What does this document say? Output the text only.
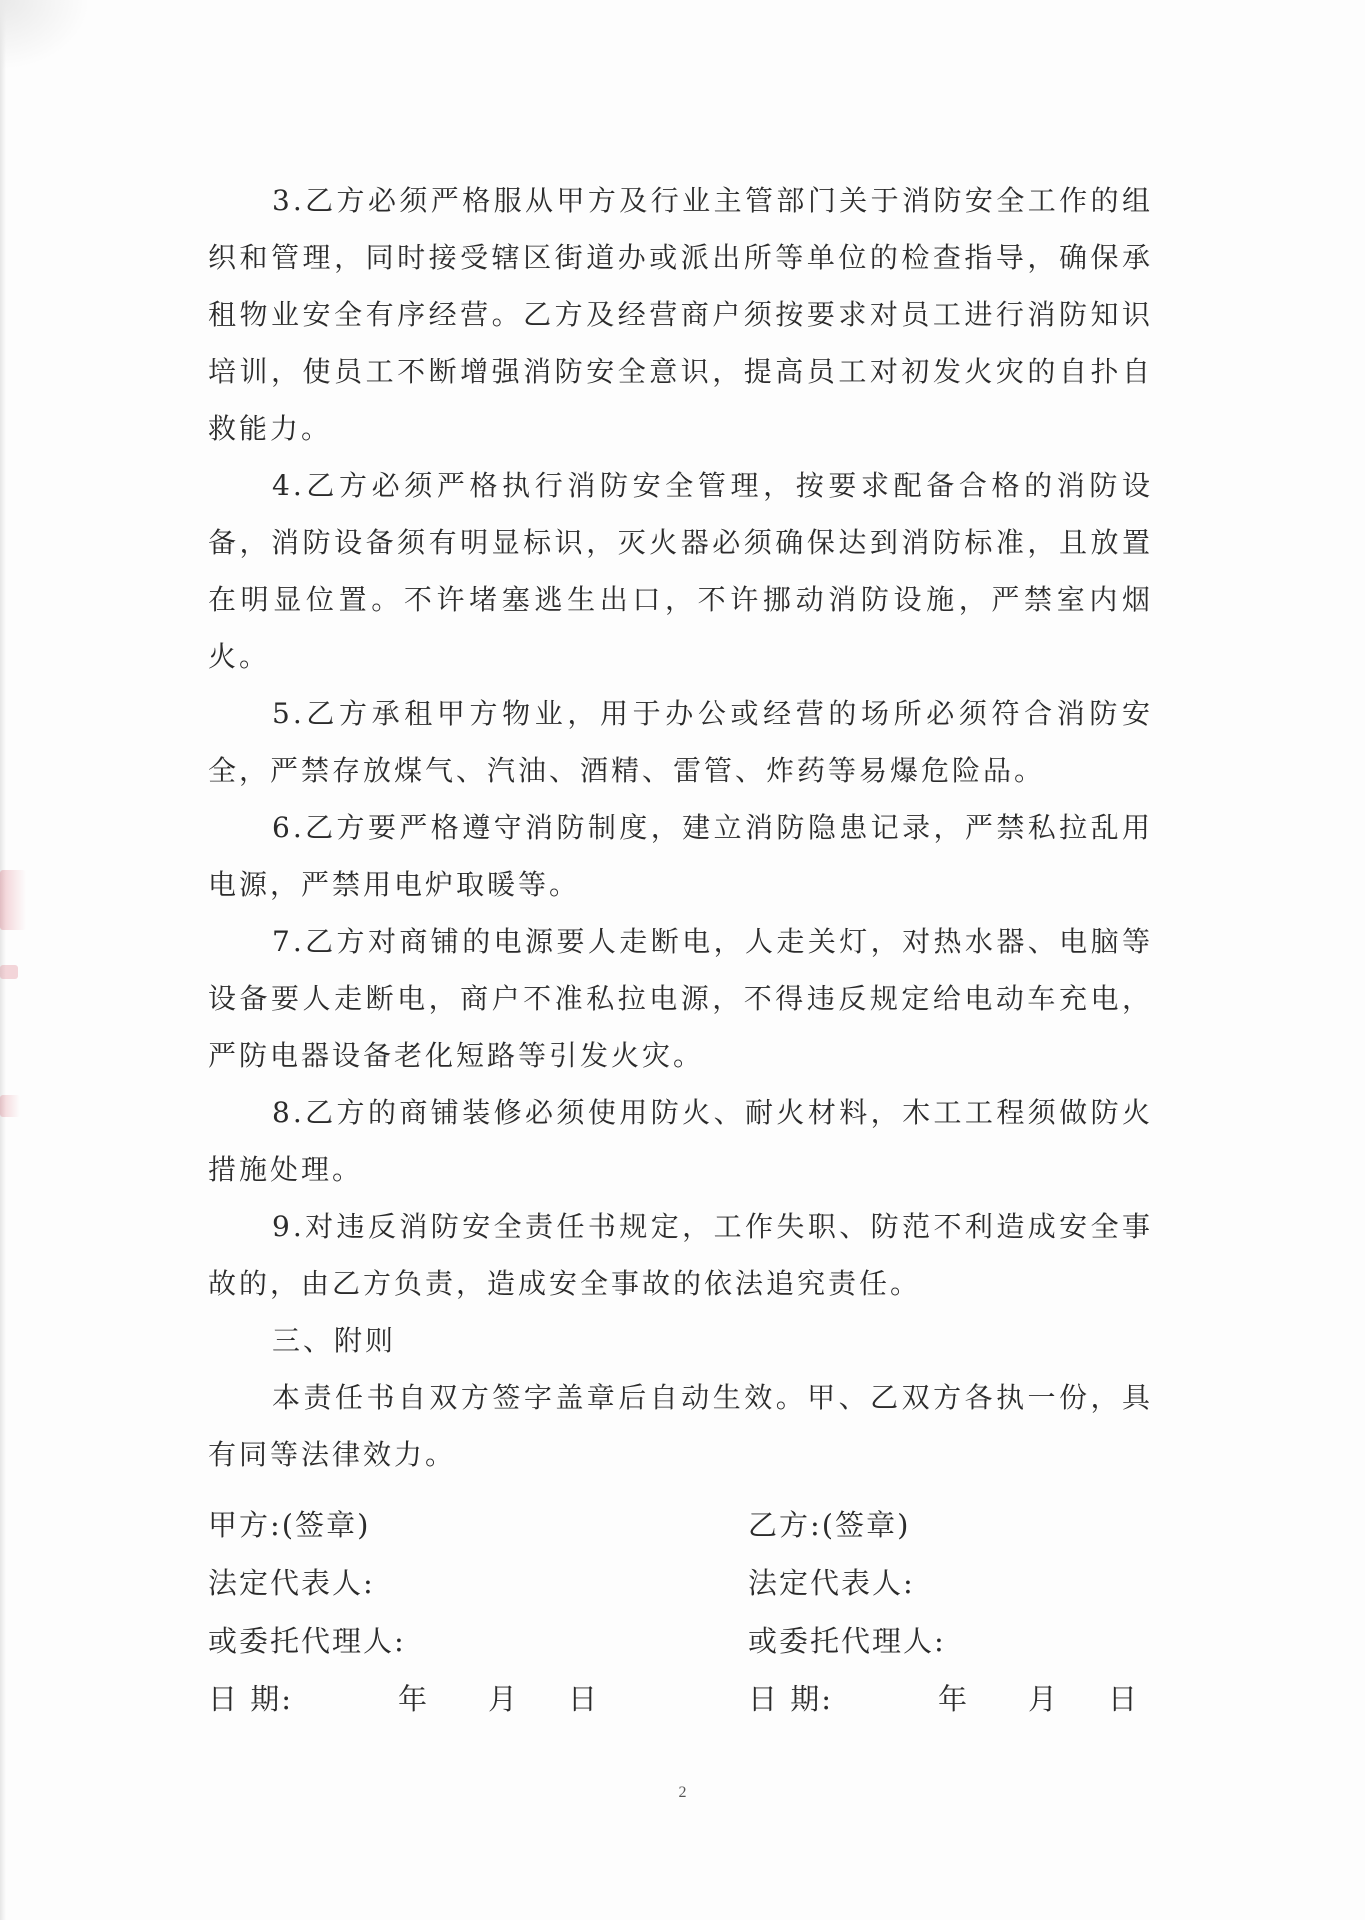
3.乙方必须严格服从甲方及行业主管部门关于消防安全工作的组织和管理，同时接受辖区街道办或派出所等单位的检查指导，确保承租物业安全有序经营。乙方及经营商户须按要求对员工进行消防知识培训，使员工不断增强消防安全意识，提高员工对初发火灾的自扑自救能力。

4.乙方必须严格执行消防安全管理，按要求配备合格的消防设备，消防设备须有明显标识，灭火器必须确保达到消防标准，且放置在明显位置。不许堵塞逃生出口，不许挪动消防设施，严禁室内烟火。

5.乙方承租甲方物业，用于办公或经营的场所必须符合消防安全，严禁存放煤气、汽油、酒精、雷管、炸药等易爆危险品。

6.乙方要严格遵守消防制度，建立消防隐患记录，严禁私拉乱用电源，严禁用电炉取暖等。

7.乙方对商铺的电源要人走断电，人走关灯，对热水器、电脑等设备要人走断电，商户不准私拉电源，不得违反规定给电动车充电，严防电器设备老化短路等引发火灾。

8.乙方的商铺装修必须使用防火、耐火材料，木工工程须做防火措施处理。

9.对违反消防安全责任书规定，工作失职、防范不利造成安全事故的，由乙方负责，造成安全事故的依法追究责任。

三、附则

本责任书自双方签字盖章后自动生效。甲、乙双方各执一份，具有同等法律效力。

甲方:(签章)
法定代表人:
或委托代理人:
日 期:	年	月	日
乙方:(签章)
法定代表人:
或委托代理人:
日 期:	年	月	日
2
